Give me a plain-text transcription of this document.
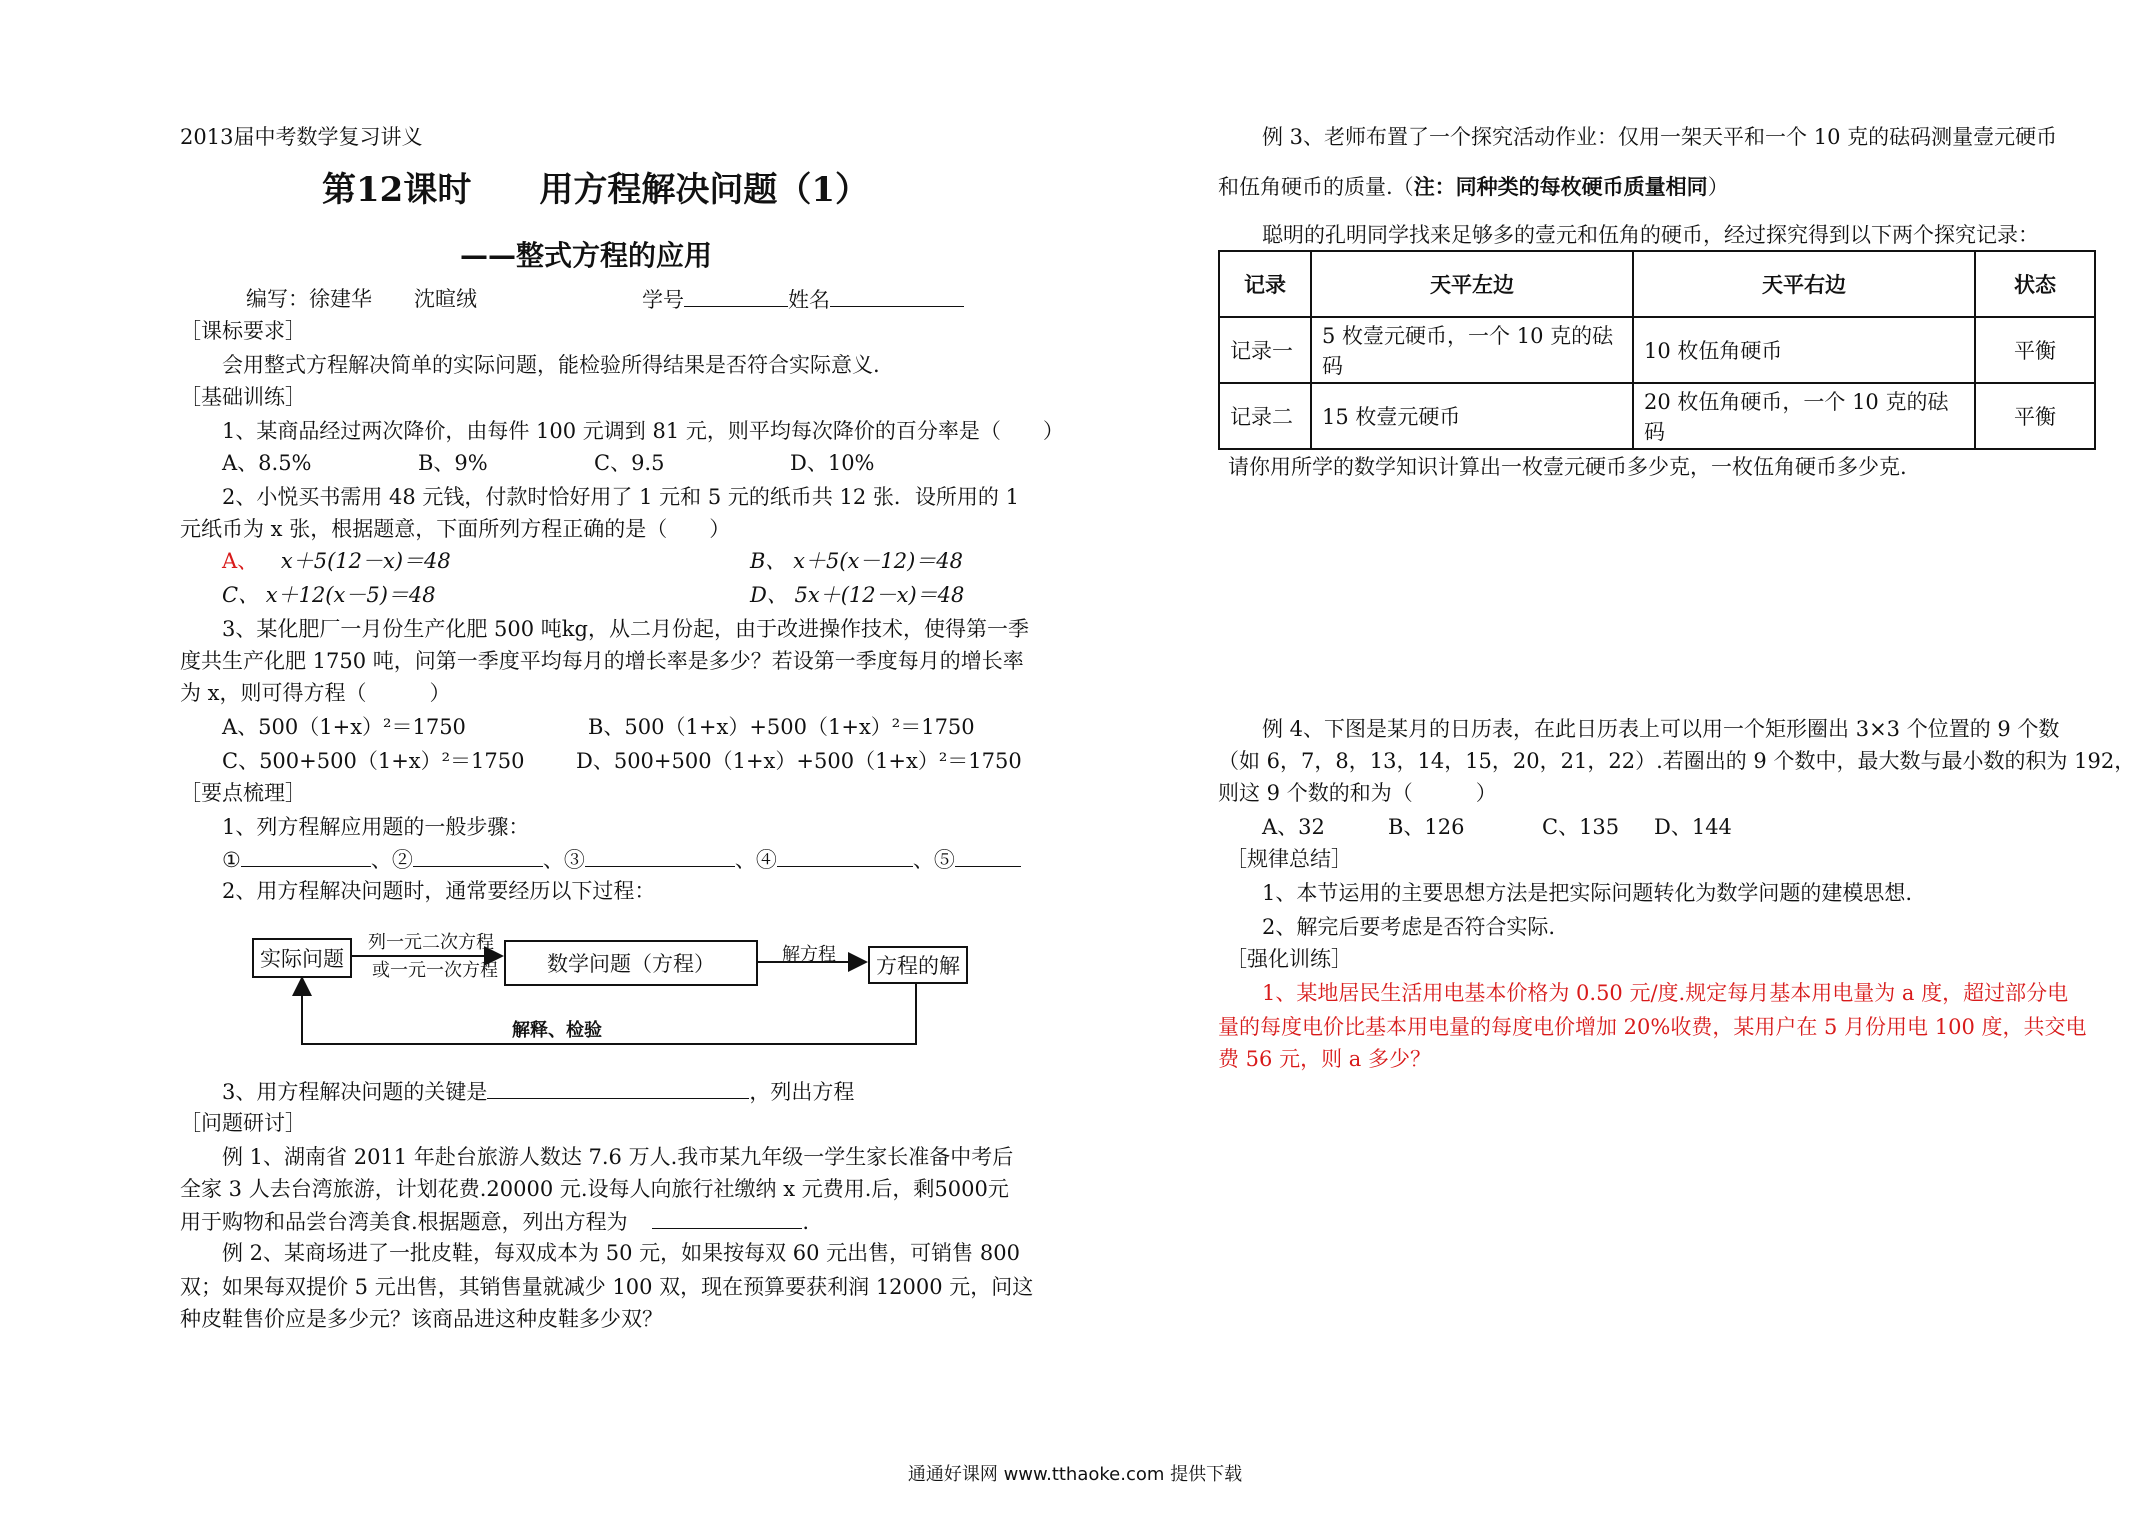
2013届中考数学复习讲义
第12课时　　用方程解决问题（1）
——整式方程的应用
编写：徐建华　　沈暄绒	学号	姓名
［课标要求］
会用整式方程解决简单的实际问题，能检验所得结果是否符合实际意义.
［基础训练］
1、某商品经过两次降价，由每件 100 元调到 81 元，则平均每次降价的百分率是（　　）
A、8.5%	B、9%	C、9.5	D、10%
2、小悦买书需用 48 元钱，付款时恰好用了 1 元和 5 元的纸币共 12 张．设所用的 1
元纸币为 x 张，根据题意，下面所列方程正确的是（　　）
A、 x＋5(12－x)＝48	B、 x＋5(x－12)＝48
C、 x＋12(x－5)＝48	D、 5x＋(12－x)＝48
3、某化肥厂一月份生产化肥 500 吨kg，从二月份起，由于改进操作技术，使得第一季
度共生产化肥 1750 吨，问第一季度平均每月的增长率是多少？若设第一季度每月的增长率
为 x，则可得方程（　　　）
A、500（1+x）²＝1750	B、500（1+x）+500（1+x）²＝1750
C、500+500（1+x）²＝1750 D、500+500（1+x）+500（1+x）²＝1750
［要点梳理］
1、列方程解应用题的一般步骤：
①	、②	、③	、④	、⑤
2、用方程解决问题时，通常要经历以下过程：
实际问题
列一元二次方程
或一元一次方程	数学问题（方程）	解方程	方程的解
解释、检验
3、用方程解决问题的关键是	，列出方程
［问题研讨］
例 1、湖南省 2011 年赴台旅游人数达 7.6 万人.我市某九年级一学生家长准备中考后
全家 3 人去台湾旅游，计划花费.20000 元.设每人向旅行社缴纳 x 元费用.后，剩5000元
用于购物和品尝台湾美食.根据题意，列出方程为	.
例 2、某商场进了一批皮鞋，每双成本为 50 元，如果按每双 60 元出售，可销售 800
双；如果每双提价 5 元出售，其销售量就减少 100 双，现在预算要获利润 12000 元，问这
种皮鞋售价应是多少元？该商品进这种皮鞋多少双？
例 3、老师布置了一个探究活动作业：仅用一架天平和一个 10 克的砝码测量壹元硬币
和伍角硬币的质量.（注：同种类的每枚硬币质量相同）
聪明的孔明同学找来足够多的壹元和伍角的硬币，经过探究得到以下两个探究记录：
记录	天平左边	天平右边	状态
记录一	5 枚壹元硬币，一个 10 克的砝码	10 枚伍角硬币	平衡
记录二	15 枚壹元硬币	20 枚伍角硬币，一个 10 克的砝码	平衡
请你用所学的数学知识计算出一枚壹元硬币多少克，一枚伍角硬币多少克.
例 4、下图是某月的日历表，在此日历表上可以用一个矩形圈出 3×3 个位置的 9 个数
（如 6，7，8，13，14，15，20，21，22）.若圈出的 9 个数中，最大数与最小数的积为 192，
则这 9 个数的和为（　　　）
A、32	B、126	C、135 D、144
［规律总结］
1、本节运用的主要思想方法是把实际问题转化为数学问题的建模思想.
2、解完后要考虑是否符合实际.
［强化训练］
1、某地居民生活用电基本价格为 0.50 元/度.规定每月基本用电量为 a 度，超过部分电
量的每度电价比基本用电量的每度电价增加 20%收费，某用户在 5 月份用电 100 度，共交电
费 56 元，则 a 多少？
通通好课网 www.tthaoke.com 提供下载
